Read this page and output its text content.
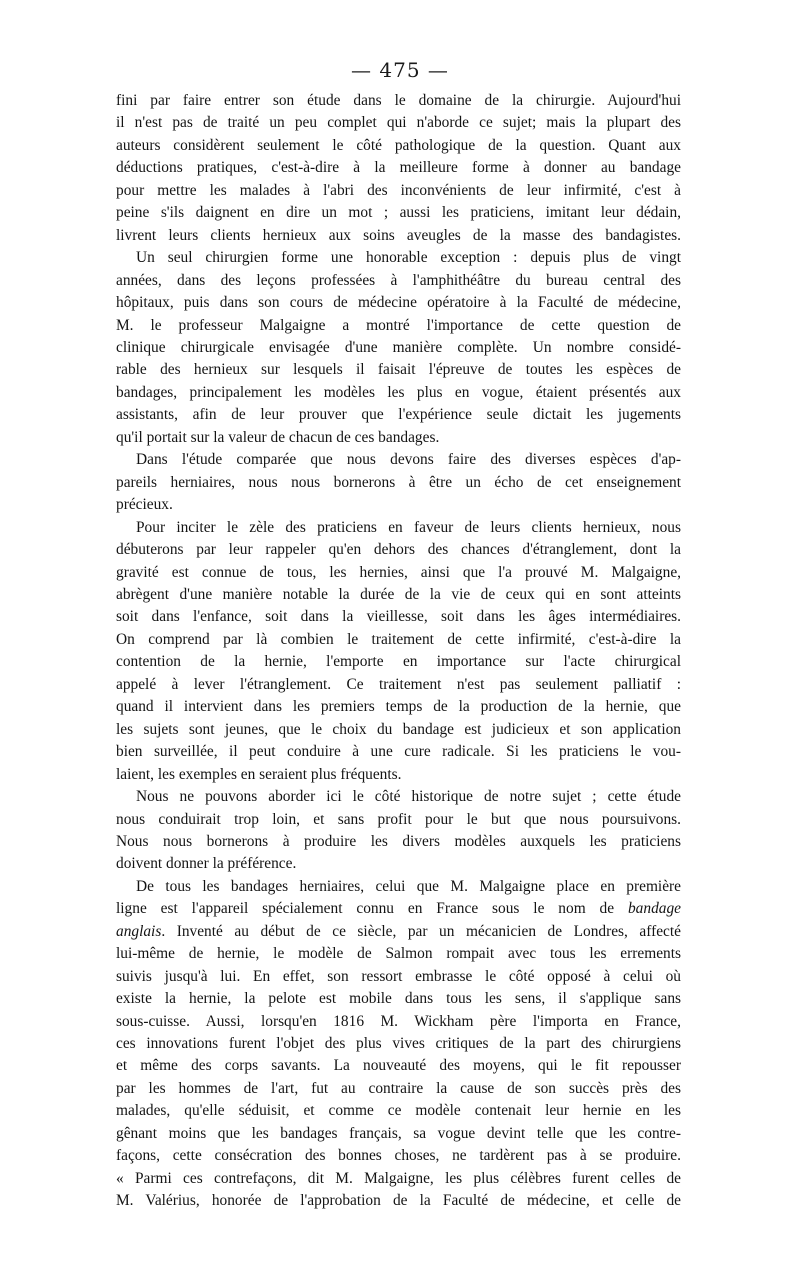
— 475 —
fini par faire entrer son étude dans le domaine de la chirurgie. Aujourd'hui
il n'est pas de traité un peu complet qui n'aborde ce sujet; mais la plupart des
auteurs considèrent seulement le côté pathologique de la question. Quant aux
déductions pratiques, c'est-à-dire à la meilleure forme à donner au bandage
pour mettre les malades à l'abri des inconvénients de leur infirmité, c'est à
peine s'ils daignent en dire un mot ; aussi les praticiens, imitant leur dédain,
livrent leurs clients hernieux aux soins aveugles de la masse des bandagistes.
Un seul chirurgien forme une honorable exception : depuis plus de vingt
années, dans des leçons professées à l'amphithéâtre du bureau central des
hôpitaux, puis dans son cours de médecine opératoire à la Faculté de médecine,
M. le professeur Malgaigne a montré l'importance de cette question de
clinique chirurgicale envisagée d'une manière complète. Un nombre considé-
rable des hernieux sur lesquels il faisait l'épreuve de toutes les espèces de
bandages, principalement les modèles les plus en vogue, étaient présentés aux
assistants, afin de leur prouver que l'expérience seule dictait les jugements
qu'il portait sur la valeur de chacun de ces bandages.
Dans l'étude comparée que nous devons faire des diverses espèces d'ap-
pareils herniaires, nous nous bornerons à être un écho de cet enseignement
précieux.
Pour inciter le zèle des praticiens en faveur de leurs clients hernieux, nous
débuterons par leur rappeler qu'en dehors des chances d'étranglement, dont la
gravité est connue de tous, les hernies, ainsi que l'a prouvé M. Malgaigne,
abrègent d'une manière notable la durée de la vie de ceux qui en sont atteints
soit dans l'enfance, soit dans la vieillesse, soit dans les âges intermédiaires.
On comprend par là combien le traitement de cette infirmité, c'est-à-dire la
contention de la hernie, l'emporte en importance sur l'acte chirurgical
appelé à lever l'étranglement. Ce traitement n'est pas seulement palliatif :
quand il intervient dans les premiers temps de la production de la hernie, que
les sujets sont jeunes, que le choix du bandage est judicieux et son application
bien surveillée, il peut conduire à une cure radicale. Si les praticiens le vou-
laient, les exemples en seraient plus fréquents.
Nous ne pouvons aborder ici le côté historique de notre sujet ; cette étude
nous conduirait trop loin, et sans profit pour le but que nous poursuivons.
Nous nous bornerons à produire les divers modèles auxquels les praticiens
doivent donner la préférence.
De tous les bandages herniaires, celui que M. Malgaigne place en première
ligne est l'appareil spécialement connu en France sous le nom de bandage
anglais. Inventé au début de ce siècle, par un mécanicien de Londres, affecté
lui-même de hernie, le modèle de Salmon rompait avec tous les errements
suivis jusqu'à lui. En effet, son ressort embrasse le côté opposé à celui où
existe la hernie, la pelote est mobile dans tous les sens, il s'applique sans
sous-cuisse. Aussi, lorsqu'en 1816 M. Wickham père l'importa en France,
ces innovations furent l'objet des plus vives critiques de la part des chirurgiens
et même des corps savants. La nouveauté des moyens, qui le fit repousser
par les hommes de l'art, fut au contraire la cause de son succès près des
malades, qu'elle séduisit, et comme ce modèle contenait leur hernie en les
gênant moins que les bandages français, sa vogue devint telle que les contre-
façons, cette consécration des bonnes choses, ne tardèrent pas à se produire.
« Parmi ces contrefaçons, dit M. Malgaigne, les plus célèbres furent celles de
M. Valérius, honorée de l'approbation de la Faculté de médecine, et celle de
